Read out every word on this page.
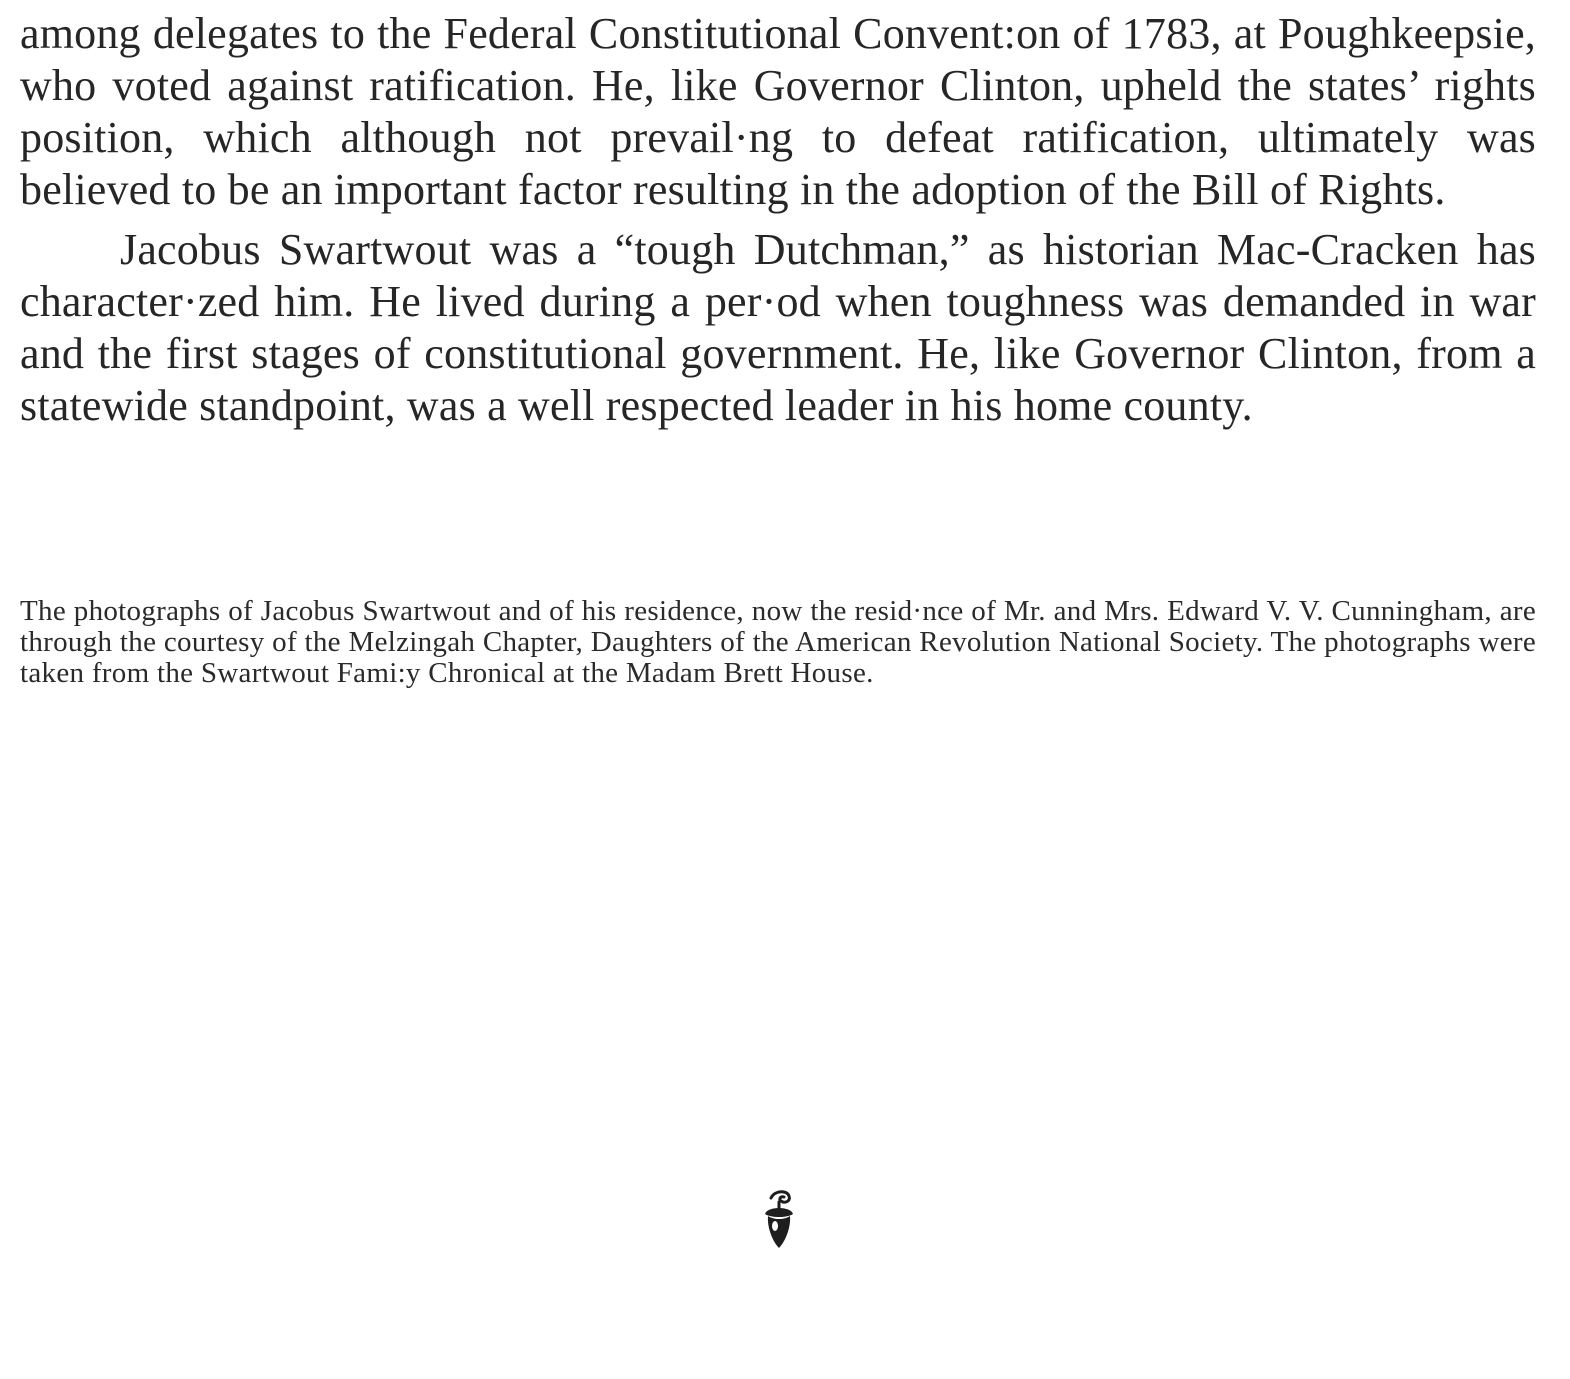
among delegates to the Federal Constitutional Convent:on of 1783, at Poughkeepsie, who voted against ratification. He, like Governor Clinton, upheld the states’ rights position, which although not prevail·ng to defeat ratification, ultimately was believed to be an important factor resulting in the adoption of the Bill of Rights.

Jacobus Swartwout was a “tough Dutchman,” as historian Mac-Cracken has character·zed him. He lived during a per·od when toughness was demanded in war and the first stages of constitutional government. He, like Governor Clinton, from a statewide standpoint, was a well respected leader in his home county.

The photographs of Jacobus Swartwout and of his residence, now the resid·nce of Mr. and Mrs. Edward V. V. Cunningham, are through the courtesy of the Melzingah Chapter, Daughters of the American Revolution National Society. The photographs were taken from the Swartwout Fami:y Chronical at the Madam Brett House.
